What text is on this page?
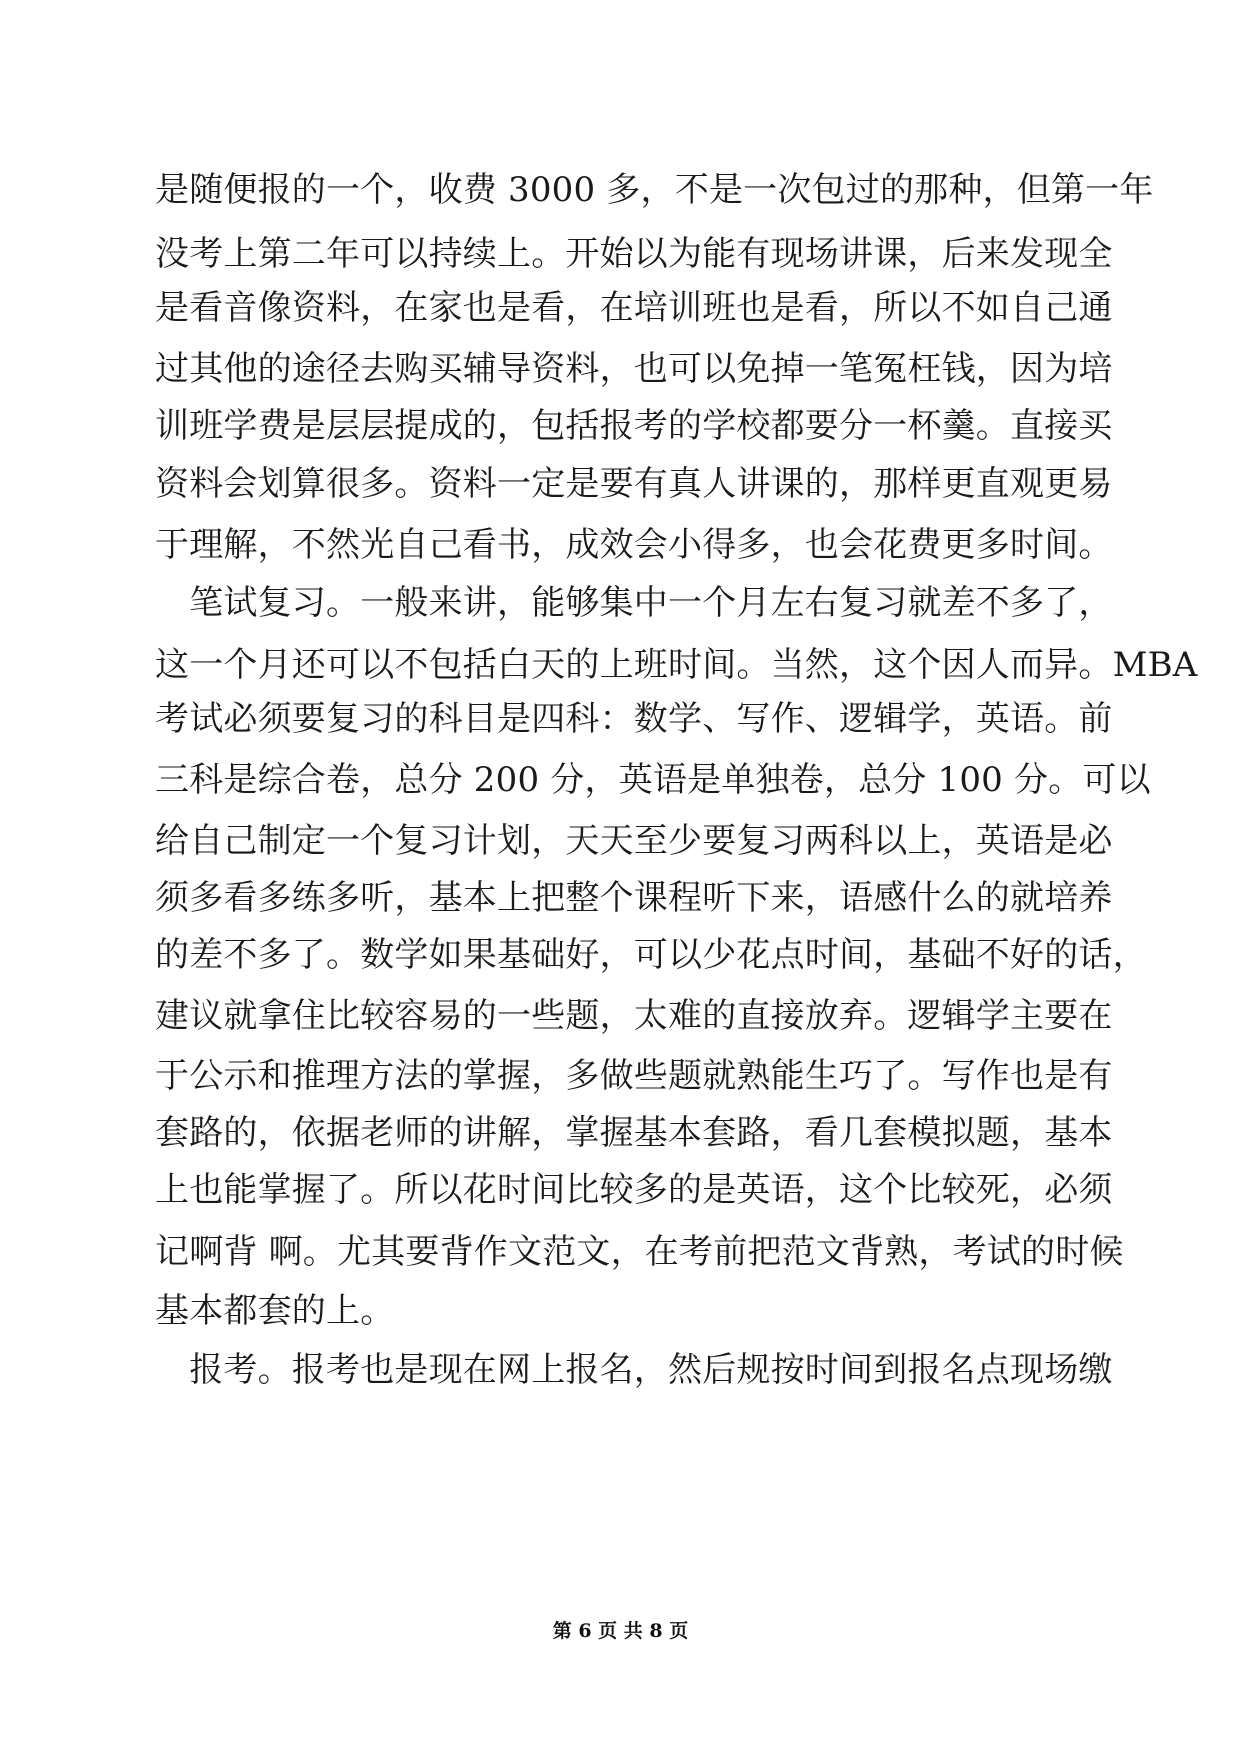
是随便报的一个，收费 3000 多，不是一次包过的那种，但第一年
没考上第二年可以持续上。开始以为能有现场讲课，后来发现全
是看音像资料，在家也是看，在培训班也是看，所以不如自己通
过其他的途径去购买辅导资料，也可以免掉一笔冤枉钱，因为培
训班学费是层层提成的，包括报考的学校都要分一杯羹。直接买
资料会划算很多。资料一定是要有真人讲课的，那样更直观更易
于理解，不然光自己看书，成效会小得多，也会花费更多时间。
　笔试复习。一般来讲，能够集中一个月左右复习就差不多了，
这一个月还可以不包括白天的上班时间。当然，这个因人而异。MBA
考试必须要复习的科目是四科：数学、写作、逻辑学，英语。前
三科是综合卷，总分 200 分，英语是单独卷，总分 100 分。可以
给自己制定一个复习计划，天天至少要复习两科以上，英语是必
须多看多练多听，基本上把整个课程听下来，语感什么的就培养
的差不多了。数学如果基础好，可以少花点时间，基础不好的话，
建议就拿住比较容易的一些题，太难的直接放弃。逻辑学主要在
于公示和推理方法的掌握，多做些题就熟能生巧了。写作也是有
套路的，依据老师的讲解，掌握基本套路，看几套模拟题，基本
上也能掌握了。所以花时间比较多的是英语，这个比较死，必须
记啊背 啊。尤其要背作文范文，在考前把范文背熟，考试的时候
基本都套的上。
　报考。报考也是现在网上报名，然后规按时间到报名点现场缴
第 6 页 共 8 页
